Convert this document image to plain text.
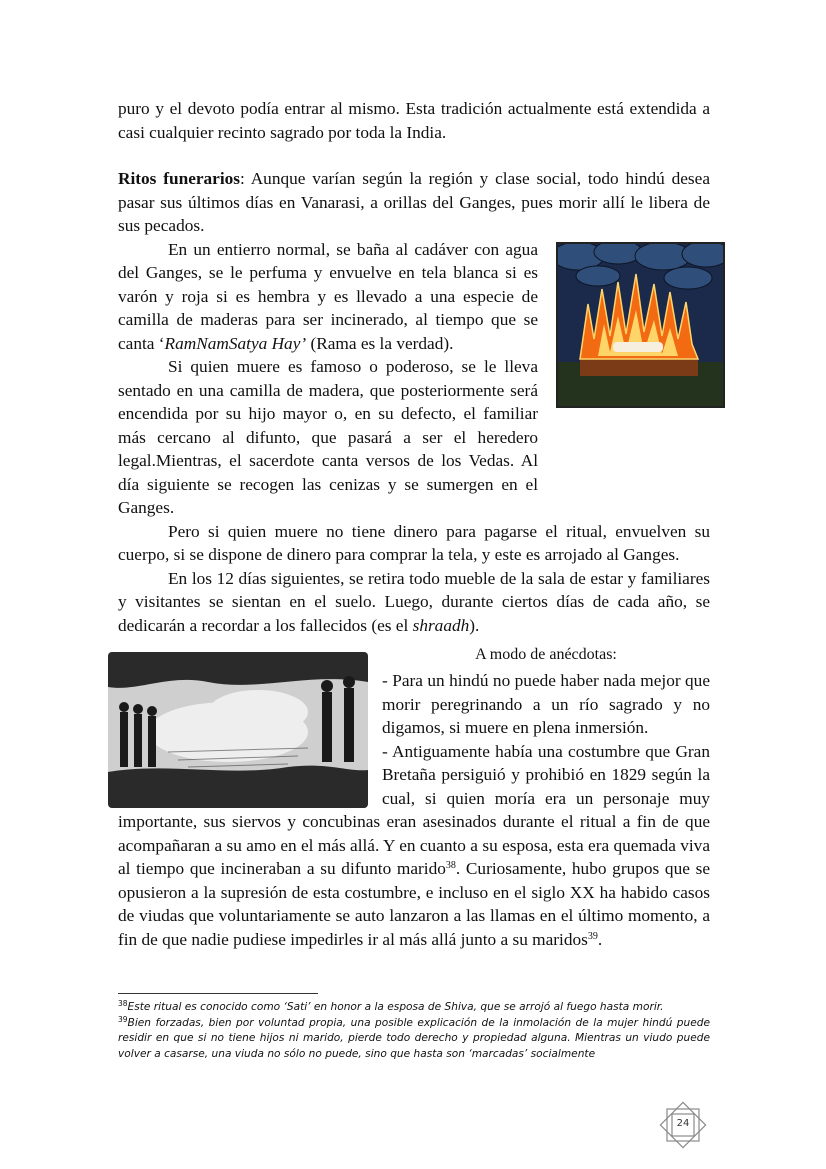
puro y el devoto podía entrar al mismo. Esta tradición actualmente está extendida a casi cualquier recinto sagrado por toda la India.

Ritos funerarios: Aunque varían según la región y clase social, todo hindú desea pasar sus últimos días en Vanarasi, a orillas del Ganges, pues morir allí le libera de sus pecados.

En un entierro normal, se baña al cadáver con agua del Ganges, se le perfuma y envuelve en tela blanca si es varón y roja si es hembra y es llevado a una especie de camilla de maderas para ser incinerado, al tiempo que se canta ‘RamNamSatya Hay’ (Rama es la verdad).

Si quien muere es famoso o poderoso, se le lleva sentado en una camilla de madera, que posteriormente será encendida por su hijo mayor o, en su defecto, el familiar más cercano al difunto, que pasará a ser el heredero legal.Mientras, el sacerdote canta versos de los Vedas. Al día siguiente se recogen las cenizas y se sumergen en el Ganges.

Pero si quien muere no tiene dinero para pagarse el ritual, envuelven su cuerpo, si se dispone de dinero para comprar la tela, y este es arrojado al Ganges.

En los 12 días siguientes, se retira todo mueble de la sala de estar y familiares y visitantes se sientan en el suelo. Luego, durante ciertos días de cada año, se dedicarán a recordar a los fallecidos (es el shraadh).

A modo de anécdotas:

- Para un hindú no puede haber nada mejor que morir peregrinando a un río sagrado y no digamos, si muere en plena inmersión.

- Antiguamente había una costumbre que Gran Bretaña persiguió y prohibió en 1829 según la cual, si quien moría era un personaje muy importante, sus siervos y concubinas eran asesinados durante el ritual a fin de que acompañaran a su amo en el más allá. Y en cuanto a su esposa, esta era quemada viva al tiempo que incineraban a su difunto marido$^{38}$. Curiosamente, hubo grupos que se opusieron a la supresión de esta costumbre, e incluso en el siglo XX ha habido casos de viudas que voluntariamente se auto lanzaron a las llamas en el último momento, a fin de que nadie pudiese impedirles ir al más allá junto a su maridos$^{39}$.

$^{38}$Este ritual es conocido como ‘Sati’ en honor a la esposa de Shiva, que se arrojó al fuego hasta morir.

$^{39}$Bien forzadas, bien por voluntad propia, una posible explicación de la inmolación de la mujer hindú puede residir en que si no tiene hijos ni marido, pierde todo derecho y propiedad alguna. Mientras un viudo puede volver a casarse, una viuda no sólo no puede, sino que hasta son ‘marcadas’ socialmente

24
